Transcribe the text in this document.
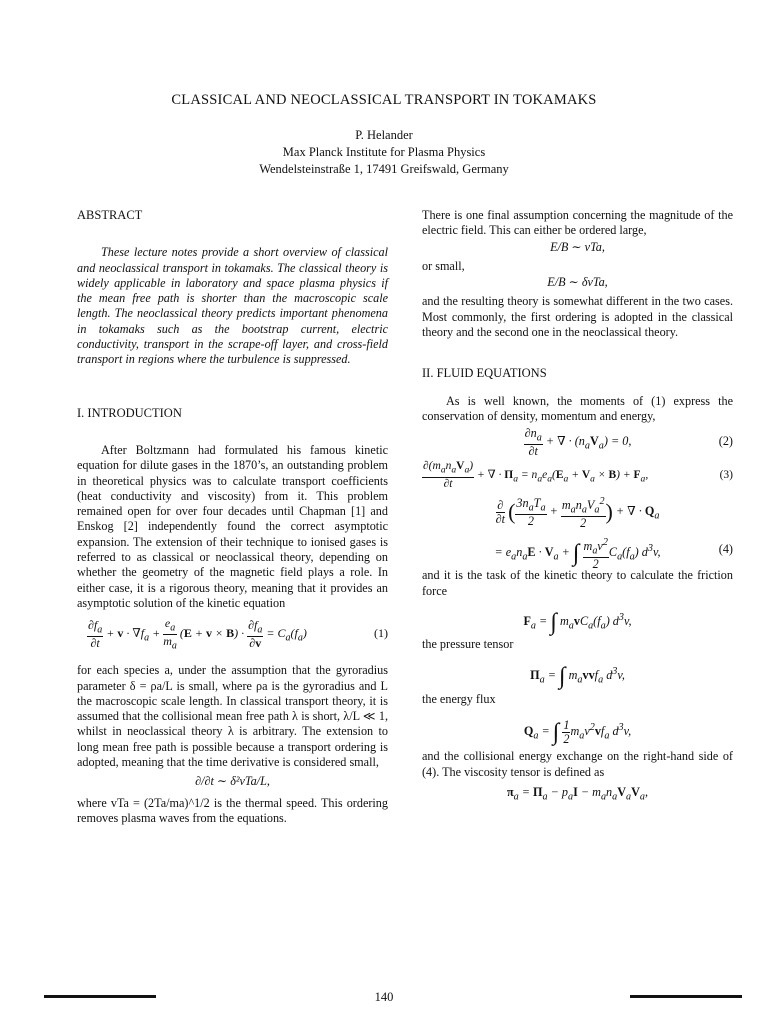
CLASSICAL AND NEOCLASSICAL TRANSPORT IN TOKAMAKS
P. Helander
Max Planck Institute for Plasma Physics
Wendelsteinstraße 1, 17491 Greifswald, Germany
ABSTRACT

These lecture notes provide a short overview of classical and neoclassical transport in tokamaks. The classical theory is widely applicable in laboratory and space plasma physics if the mean free path is shorter than the macroscopic scale length. The neoclassical theory predicts important phenomena in tokamaks such as the bootstrap current, electric conductivity, transport in the scrape-off layer, and cross-field transport in regions where the turbulence is suppressed.

I. INTRODUCTION

After Boltzmann had formulated his famous kinetic equation for dilute gases in the 1870’s, an outstanding problem in theoretical physics was to calculate transport coefficients (heat conductivity and viscosity) from it. This problem remained open for over four decades until Chapman [1] and Enskog [2] independently found the correct asymptotic expansion. The extension of their technique to ionised gases is referred to as classical or neoclassical theory, depending on whether the geometry of the magnetic field plays a role. In either case, it is a rigorous theory, meaning that it provides an asymptotic solution of the kinetic equation

$\frac{\partial f_a}{\partial t} + v \cdot \nabla f_a + \frac{e_a}{m_a} (E + v \times B) \cdot \frac{\partial f_a}{\partial v} = C_a(f_a)$	(1)

for each species a, under the assumption that the gyroradius parameter δ = ρa/L is small, where ρa is the gyroradius and L the macroscopic scale length. In classical transport theory, it is assumed that the collisional mean free path λ is short, λ/L ≪ 1, whilst in neoclassical theory λ is arbitrary. The extension to long mean free path is possible because a transport ordering is adopted, meaning that the time derivative is considered small,

∂/∂t ∼ δ²vTa/L,

where vTa = (2Ta/ma)^1/2 is the thermal speed. This ordering removes plasma waves from the equations.

There is one final assumption concerning the magnitude of the electric field. This can either be ordered large,

E/B ∼ vTa,

or small,

E/B ∼ δvTa,

and the resulting theory is somewhat different in the two cases. Most commonly, the first ordering is adopted in the classical theory and the second one in the neoclassical theory.

II. FLUID EQUATIONS

As is well known, the moments of (1) express the conservation of density, momentum and energy,

$\frac{\partial n_a}{\partial t}$ + ∇ · $(n_aV_a) = 0$,	(2)
$\frac{\partial(m_an_aV_a)}{\partial t}$ + ∇ · $\Pi_a = n_ae_a(E_a + V_a \times B) + F_a$,	(3)
$\frac{\partial}{\partial t}$ ( $\frac{3n_aT_a}{2} + \frac{m_an_aV_a^2}{2}$ ) + ∇ · $Q_a$
= $e_an_aE \cdot V_a$ + ∫ $\frac{m_av^2}{2} C_a(f_a)$ $d^3v$,	(4)

and it is the task of the kinetic theory to calculate the friction force

$F_a$ = ∫ $m_avC_a(f_a)$ $d^3v$,

the pressure tensor

$\Pi_a$ = ∫ $m_avvf_a$ $d^3v$,

the energy flux

$Q_a$ = ∫ $\frac{1}{2} m_av^2vf_a$ $d^3v$,

and the collisional energy exchange on the right-hand side of (4). The viscosity tensor is defined as

$\pi_a = \Pi_a - p_aI - m_an_aV_aV_a$,
140
